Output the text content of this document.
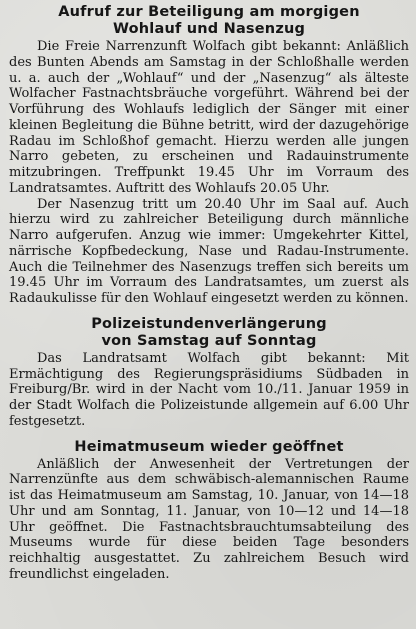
Aufruf zur Beteiligung am morgigen
Wohlauf und Nasenzug

Die Freie Narrenzunft Wolfach gibt bekannt: Anläßlich des Bunten Abends am Samstag in der Schloßhalle werden u. a. auch der „Wohlauf“ und der „Nasenzug“ als älteste Wolfacher Fastnachtsbräuche vorgeführt. Während bei der Vorführung des Wohlaufs lediglich der Sänger mit einer kleinen Begleitung die Bühne betritt, wird der dazugehörige Radau im Schloßhof gemacht. Hierzu werden alle jungen Narro gebeten, zu erscheinen und Radauinstrumente mitzubringen. Treffpunkt 19.45 Uhr im Vorraum des Landratsamtes. Auftritt des Wohlaufs 20.05 Uhr.

Der Nasenzug tritt um 20.40 Uhr im Saal auf. Auch hierzu wird zu zahlreicher Beteiligung durch männliche Narro aufgerufen. Anzug wie immer: Umgekehrter Kittel, närrische Kopfbedeckung, Nase und Radau-Instrumente. Auch die Teilnehmer des Nasenzugs treffen sich bereits um 19.45 Uhr im Vorraum des Landratsamtes, um zuerst als Radaukulisse für den Wohlauf eingesetzt werden zu können.

Polizeistundenverlängerung
von Samstag auf Sonntag

Das Landratsamt Wolfach gibt bekannt: Mit Ermächtigung des Regierungspräsidiums Südbaden in Freiburg/Br. wird in der Nacht vom 10./11. Januar 1959 in der Stadt Wolfach die Polizeistunde allgemein auf 6.00 Uhr festgesetzt.

Heimatmuseum wieder geöffnet

Anläßlich der Anwesenheit der Vertretungen der Narrenzünfte aus dem schwäbisch-alemannischen Raume ist das Heimatmuseum am Samstag, 10. Januar, von 14—18 Uhr und am Sonntag, 11. Januar, von 10—12 und 14—18 Uhr geöffnet. Die Fastnachtsbrauchtumsabteilung des Museums wurde für diese beiden Tage besonders reichhaltig ausgestattet. Zu zahlreichem Besuch wird freundlichst eingeladen.
